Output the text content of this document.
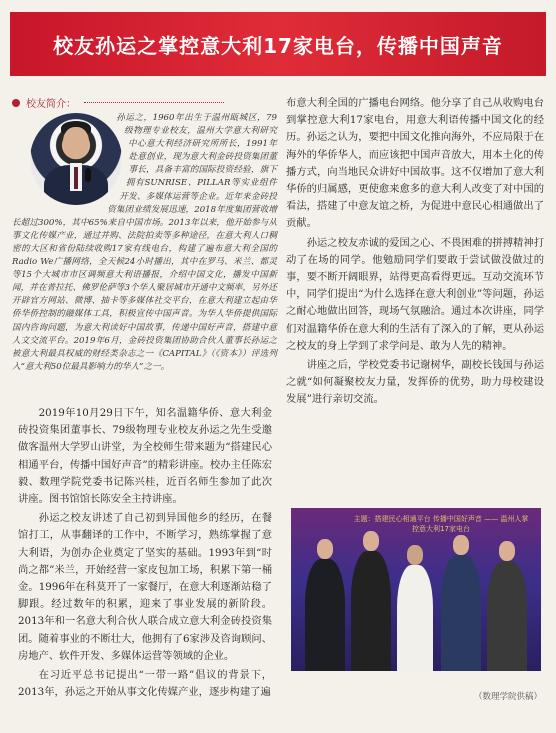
校友孙运之掌控意大利17家电台，传播中国声音
校友简介：
孙运之，1960年出生于温州瓯城区，79级物理专业校友，温州大学意大利研究中心意大利经济研究所所长，1991年赴意创业，现为意大利金砖投资集团董事长，具备丰富的国际投资经验，旗下拥有SUNRISE、PILLAR等实业组件开发、多媒体运营等企业。近年来金砖投资集团业绩发展迅速，2018年度集团营收增长超过300%，其中65%来自中国市场。2013年以来，他开始参与从事文化传媒产业，通过并购、法院拍卖等多种途径，在意大利人口稠密的大区和省份陆续收购17家有线电台，构建了遍布意大利全国的Radio We广播网络，全天候24小时播出，其中在罗马、米兰、都灵等15个大城市市区调频意大利语播报，介绍中国文化，播发中国新闻，并在普拉托、佛罗伦萨等3个华人聚居城市开通中文频率，另外还开辟官方网站、微博、抽卡等多媒体社交平台，在意大利建立起由华侨华侨控制的融媒体工具，积极宣传中国声音。为华人华侨提供国际国内咨询问题，为意大利读好中国故事，传递中国好声音，搭建中意人文交流平台。2019年6月，金砖投资集团协助合伙人董事长孙运之被意大利最具权威的财经类杂志之一《CAPITAL》（《资本》）评选列入“意大利50位最具影响力的华人”之一。

2019年10月29日下午，知名温籍华侨、意大利金砖投资集团董事长、79级物理专业校友孙运之先生受邀做客温州大学罗山讲堂，为全校师生带来题为“搭建民心相通平台，传播中国好声音”的精彩讲座。校办主任陈宏毅、数理学院党委书记陈兴桂，近百名师生参加了此次讲座。图书馆馆长陈安全主持讲座。

孙运之校友讲述了自己初到异国他乡的经历，在餐馆打工，从事翻译的工作中，不断学习，熟练掌握了意大利语，为创办企业奠定了坚实的基础。1993年到“时尚之都”米兰，开始经营一家皮包加工场，积累下第一桶金。1996年在科莫开了一家餐厅，在意大利逐渐站稳了脚跟。经过数年的积累，迎来了事业发展的新阶段。2013年和一名意大利合伙人联合成立意大利金砖投资集团。随着事业的不断壮大，他拥有了6家涉及咨询顾问、房地产、软件开发、多媒体运营等领域的企业。

在习近平总书记提出“一带一路”倡议的背景下，2013年，孙运之开始从事文化传媒产业，逐步构建了遍

布意大利全国的广播电台网络。他分享了自己从收购电台到掌控意大利17家电台，用意大利语传播中国文化的经历。孙运之认为，要把中国文化推向海外，不应局限于在海外的华侨华人，而应该把中国声音放大，用本土化的传播方式，向当地民众讲好中国故事。这不仅增加了意大利华侨的归属感，更使愈来愈多的意大利人改变了对中国的看法，搭建了中意友谊之桥，为促进中意民心相通做出了贡献。

孙运之校友赤诚的爱国之心、不畏困难的拼搏精神打动了在场的同学。他勉励同学们要敢于尝试做没做过的事，要不断开阔眼界，站得更高看得更远。互动交流环节中，同学们提出“为什么选择在意大利创业”等问题，孙运之耐心地做出回答，现场气氛融洽。通过本次讲座，同学们对温籍华侨在意大利的生活有了深入的了解，更从孙运之校友的身上学到了求学问是、敢为人先的精神。

讲座之后，学校党委书记谢树华，副校长钱国与孙运之就“如何凝聚校友力量，发挥侨的优势，助力母校建设发展”进行亲切交流。

主题：搭建民心相通平台 传播中国好声音 —— 温州人掌控意大利17家电台
（数理学院供稿）
